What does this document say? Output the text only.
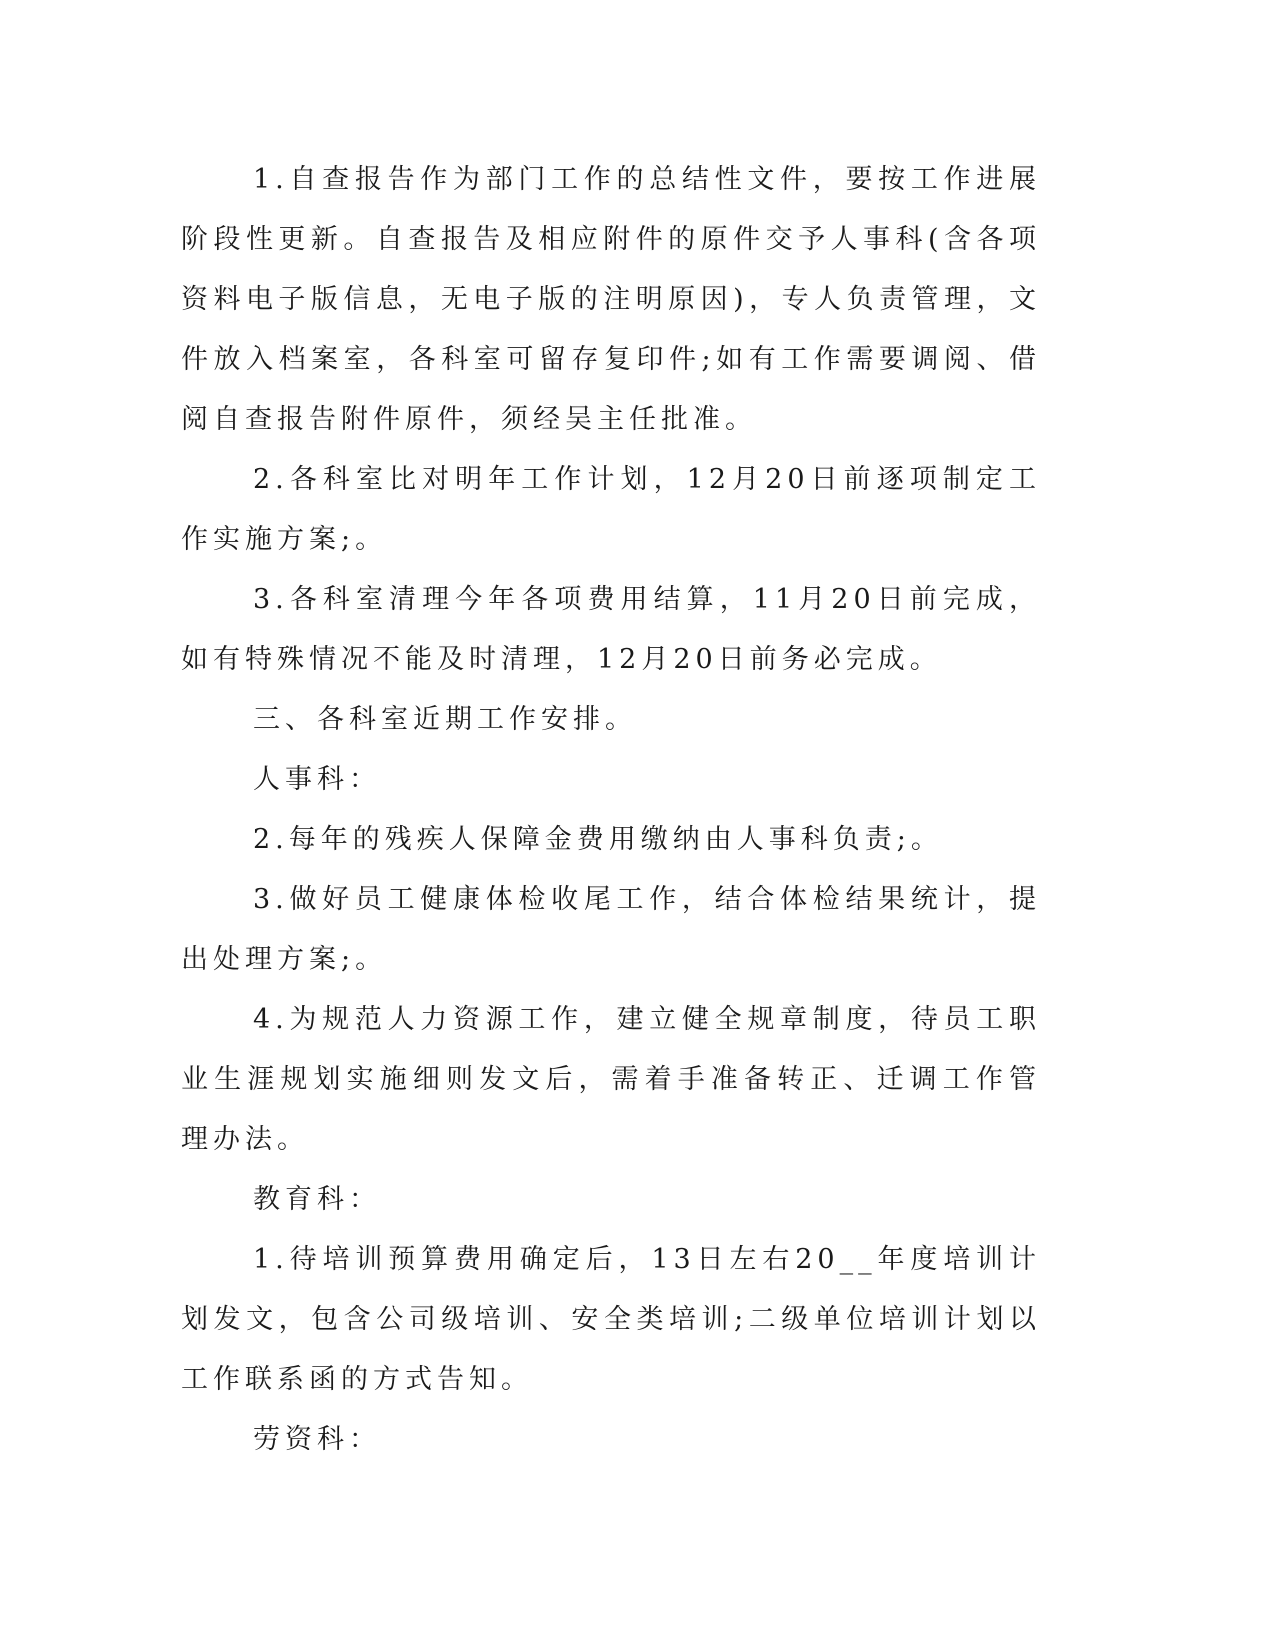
1.自查报告作为部门工作的总结性文件，要按工作进展阶段性更新。自查报告及相应附件的原件交予人事科(含各项资料电子版信息，无电子版的注明原因)，专人负责管理，文件放入档案室，各科室可留存复印件;如有工作需要调阅、借阅自查报告附件原件，须经吴主任批准。

2.各科室比对明年工作计划，12月20日前逐项制定工作实施方案;。

3.各科室清理今年各项费用结算，11月20日前完成，如有特殊情况不能及时清理，12月20日前务必完成。

三、各科室近期工作安排。

人事科：

2.每年的残疾人保障金费用缴纳由人事科负责;。

3.做好员工健康体检收尾工作，结合体检结果统计，提出处理方案;。

4.为规范人力资源工作，建立健全规章制度，待员工职业生涯规划实施细则发文后，需着手准备转正、迁调工作管理办法。

教育科：

1.待培训预算费用确定后，13日左右20__年度培训计划发文，包含公司级培训、安全类培训;二级单位培训计划以工作联系函的方式告知。

劳资科：
